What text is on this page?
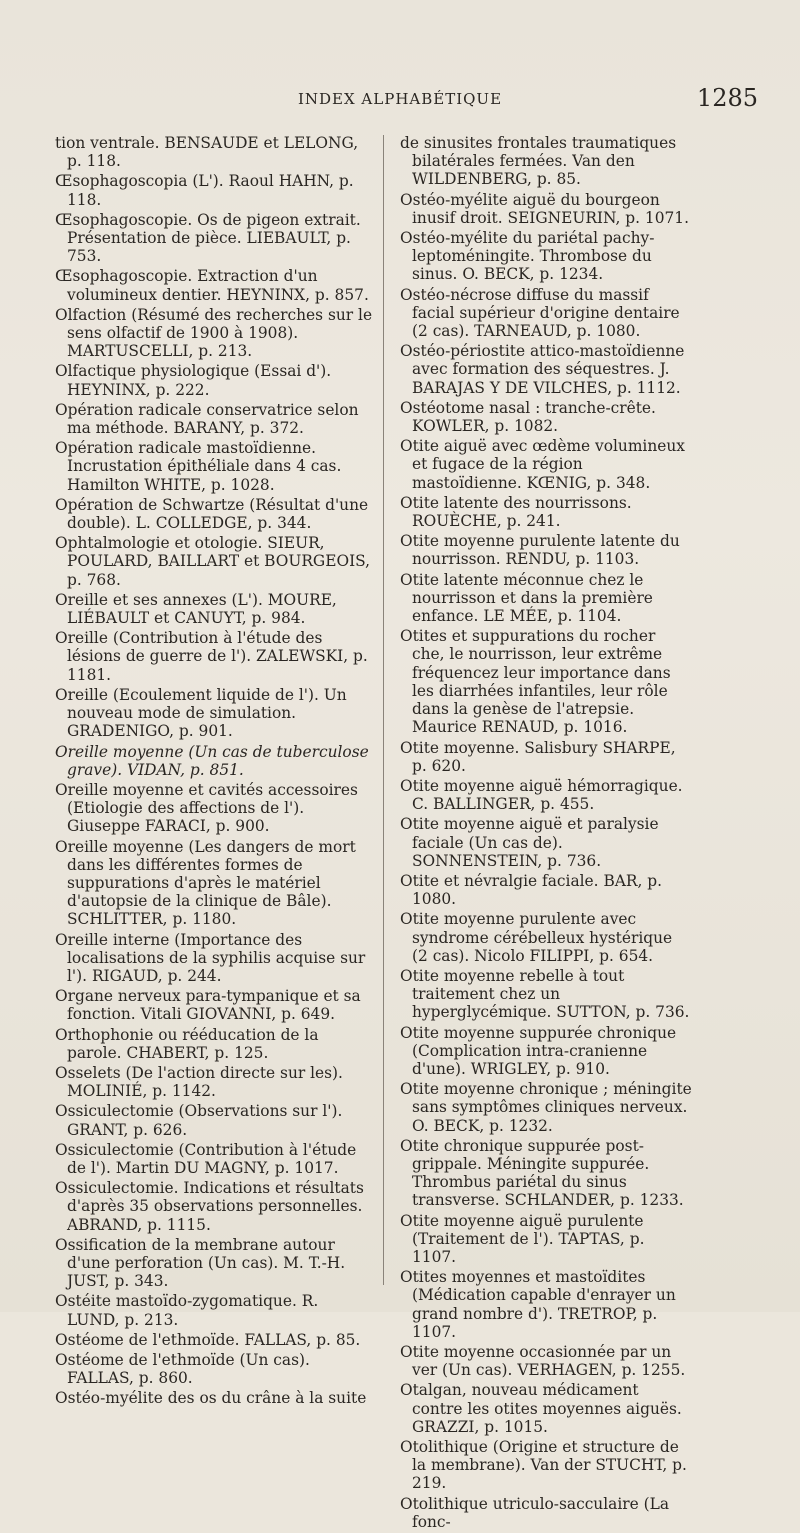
INDEX ALPHABÉTIQUE	1285
tion ventrale. BENSAUDE et LELONG, p. 118.
Œsophagoscopia (L'). Raoul HAHN, p. 118.
Œsophagoscopie. Os de pigeon extrait. Présentation de pièce. LIEBAULT, p. 753.
Œsophagoscopie. Extraction d'un volumineux dentier. HEYNINX, p. 857.
Olfaction (Résumé des recherches sur le sens olfactif de 1900 à 1908). MARTUSCELLI, p. 213.
Olfactique physiologique (Essai d'). HEYNINX, p. 222.
Opération radicale conservatrice selon ma méthode. BARANY, p. 372.
Opération radicale mastoïdienne. Incrustation épithéliale dans 4 cas. Hamilton WHITE, p. 1028.
Opération de Schwartze (Résultat d'une double). L. COLLEDGE, p. 344.
Ophtalmologie et otologie. SIEUR, POULARD, BAILLART et BOURGEOIS, p. 768.
Oreille et ses annexes (L'). MOURE, LIÉBAULT et CANUYT, p. 984.
Oreille (Contribution à l'étude des lésions de guerre de l'). ZALEWSKI, p. 1181.
Oreille (Ecoulement liquide de l'). Un nouveau mode de simulation. GRADENIGO, p. 901.
Oreille moyenne (Un cas de tuberculose grave). VIDAN, p. 851.
Oreille moyenne et cavités accessoires (Etiologie des affections de l'). Giuseppe FARACI, p. 900.
Oreille moyenne (Les dangers de mort dans les différentes formes de suppurations d'après le matériel d'autopsie de la clinique de Bâle). SCHLITTER, p. 1180.
Oreille interne (Importance des localisations de la syphilis acquise sur l'). RIGAUD, p. 244.
Organe nerveux para-tympanique et sa fonction. Vitali GIOVANNI, p. 649.
Orthophonie ou rééducation de la parole. CHABERT, p. 125.
Osselets (De l'action directe sur les). MOLINIÉ, p. 1142.
Ossiculectomie (Observations sur l'). GRANT, p. 626.
Ossiculectomie (Contribution à l'étude de l'). Martin DU MAGNY, p. 1017.
Ossiculectomie. Indications et résultats d'après 35 observations personnelles. ABRAND, p. 1115.
Ossification de la membrane autour d'une perforation (Un cas). M. T.-H. JUST, p. 343.
Ostéite mastoïdo-zygomatique. R. LUND, p. 213.
Ostéome de l'ethmoïde. FALLAS, p. 85.
Ostéome de l'ethmoïde (Un cas). FALLAS, p. 860.
Ostéo-myélite des os du crâne à la suite
de sinusites frontales traumatiques bilatérales fermées. Van den WILDENBERG, p. 85.
Ostéo-myélite aiguë du bourgeon inusif droit. SEIGNEURIN, p. 1071.
Ostéo-myélite du pariétal pachy-leptoméningite. Thrombose du sinus. O. BECK, p. 1234.
Ostéo-nécrose diffuse du massif facial supérieur d'origine dentaire (2 cas). TARNEAUD, p. 1080.
Ostéo-périostite attico-mastoïdienne avec formation des séquestres. J. BARAJAS Y DE VILCHES, p. 1112.
Ostéotome nasal : tranche-crête. KOWLER, p. 1082.
Otite aiguë avec œdème volumineux et fugace de la région mastoïdienne. KŒNIG, p. 348.
Otite latente des nourrissons. ROUÈCHE, p. 241.
Otite moyenne purulente latente du nourrisson. RENDU, p. 1103.
Otite latente méconnue chez le nourrisson et dans la première enfance. LE MÉE, p. 1104.
Otites et suppurations du rocher che, le nourrisson, leur extrême fréquencez leur importance dans les diarrhées infantiles, leur rôle dans la genèse de l'atrepsie. Maurice RENAUD, p. 1016.
Otite moyenne. Salisbury SHARPE, p. 620.
Otite moyenne aiguë hémorragique. C. BALLINGER, p. 455.
Otite moyenne aiguë et paralysie faciale (Un cas de). SONNENSTEIN, p. 736.
Otite et névralgie faciale. BAR, p. 1080.
Otite moyenne purulente avec syndrome cérébelleux hystérique (2 cas). Nicolo FILIPPI, p. 654.
Otite moyenne rebelle à tout traitement chez un hyperglycémique. SUTTON, p. 736.
Otite moyenne suppurée chronique (Complication intra-cranienne d'une). WRIGLEY, p. 910.
Otite moyenne chronique ; méningite sans symptômes cliniques nerveux. O. BECK, p. 1232.
Otite chronique suppurée post-grippale. Méningite suppurée. Thrombus pariétal du sinus transverse. SCHLANDER, p. 1233.
Otite moyenne aiguë purulente (Traitement de l'). TAPTAS, p. 1107.
Otites moyennes et mastoïdites (Médication capable d'enrayer un grand nombre d'). TRETROP, p. 1107.
Otite moyenne occasionnée par un ver (Un cas). VERHAGEN, p. 1255.
Otalgan, nouveau médicament contre les otites moyennes aiguës. GRAZZI, p. 1015.
Otolithique (Origine et structure de la membrane). Van der STUCHT, p. 219.
Otolithique utriculo-sacculaire (La fonc-
